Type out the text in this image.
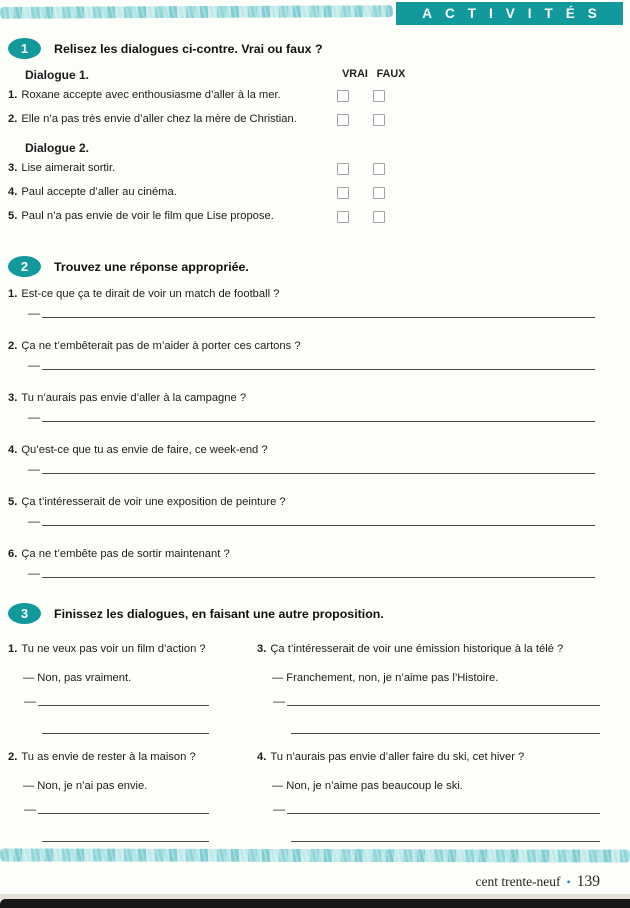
ACTIVITÉS
1	Relisez les dialogues ci-contre. Vrai ou faux ?
Dialogue 1.	VRAI FAUX
1. Roxane accepte avec enthousiasme d’aller à la mer.
2. Elle n’a pas très envie d’aller chez la mère de Christian.
Dialogue 2.
3. Lise aimerait sortir.
4. Paul accepte d’aller au cinéma.
5. Paul n’a pas envie de voir le film que Lise propose.
2	Trouvez une réponse appropriée.
1. Est-ce que ça te dirait de voir un match de football ?
—
2. Ça ne t’embêterait pas de m’aider à porter ces cartons ?
—
3. Tu n’aurais pas envie d’aller à la campagne ?
—
4. Qu’est-ce que tu as envie de faire, ce week-end ?
—
5. Ça t’intéresserait de voir une exposition de peinture ?
—
6. Ça ne t’embête pas de sortir maintenant ?
—
3	Finissez les dialogues, en faisant une autre proposition.
1. Tu ne veux pas voir un film d’action ?
— Non, pas vraiment.
—
3. Ça t’intéresserait de voir une émission historique à la télé ?
— Franchement, non, je n’aime pas l’Histoire.
—
2. Tu as envie de rester à la maison ?
— Non, je n’ai pas envie.
—
4. Tu n’aurais pas envie d’aller faire du ski, cet hiver ?
— Non, je n’aime pas beaucoup le ski.
—
cent trente-neuf • 139
